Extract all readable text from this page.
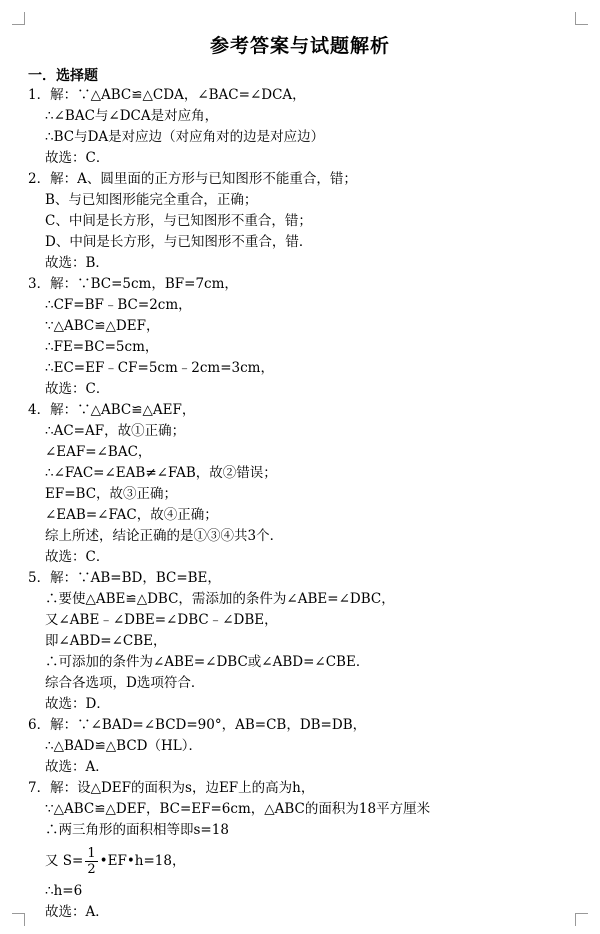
参考答案与试题解析
一．选择题
1．解：∵△ABC≌△CDA，∠BAC=∠DCA，
∴∠BAC与∠DCA是对应角，
∴BC与DA是对应边（对应角对的边是对应边）
故选：C．
2．解：A、圆里面的正方形与已知图形不能重合，错；
B、与已知图形能完全重合，正确；
C、中间是长方形，与已知图形不重合，错；
D、中间是长方形，与已知图形不重合，错．
故选：B．
3．解：∵BC=5cm，BF=7cm，
∴CF=BF﹣BC=2cm，
∵△ABC≌△DEF，
∴FE=BC=5cm，
∴EC=EF﹣CF=5cm﹣2cm=3cm，
故选：C．
4．解：∵△ABC≌△AEF，
∴AC=AF，故①正确；
∠EAF=∠BAC，
∴∠FAC=∠EAB≠∠FAB，故②错误；
EF=BC，故③正确；
∠EAB=∠FAC，故④正确；
综上所述，结论正确的是①③④共3个．
故选：C．
5．解：∵AB=BD，BC=BE，
∴要使△ABE≌△DBC，需添加的条件为∠ABE=∠DBC，
又∠ABE﹣∠DBE=∠DBC﹣∠DBE，
即∠ABD=∠CBE，
∴可添加的条件为∠ABE=∠DBC或∠ABD=∠CBE．
综合各选项，D选项符合．
故选：D．
6．解：∵∠BAD=∠BCD=90°，AB=CB，DB=DB，
∴△BAD≌△BCD（HL）．
故选：A．
7．解：设△DEF的面积为s，边EF上的高为h，
∵△ABC≌△DEF，BC=EF=6cm，△ABC的面积为18平方厘米
∴两三角形的面积相等即s=18
又 $S= \frac{1}{2}$ •EF•h=18，
∴h=6
故选：A．
